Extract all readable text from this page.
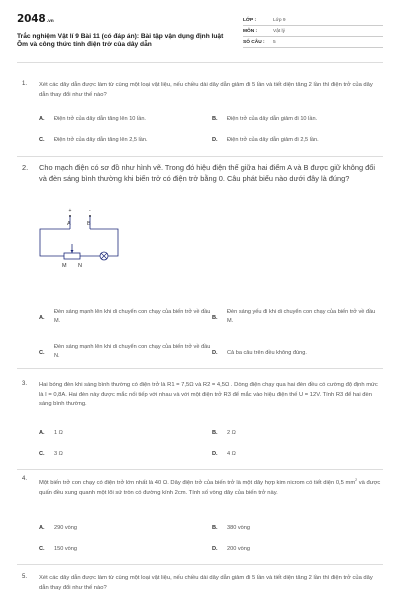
2048.vn
Trắc nghiệm Vật lí 9 Bài 11 (có đáp án): Bài tập vận dụng định luật Ôm và công thức tính điện trở của dây dẫn
LỚP :	Lớp 9
MÔN :	Vật lý
SỐ CÂU : 5
1. Xét các dây dẫn được làm từ cùng một loại vật liệu, nếu chiều dài dây dẫn giảm đi 5 lần và tiết diện tăng 2 lần thì điện trở của dây dẫn thay đổi như thế nào?
A. Điện trở của dây dẫn tăng lên 10 lần.	B. Điện trở của dây dẫn giảm đi 10 lần.
C. Điện trở của dây dẫn tăng lên 2,5 lần.	D. Điện trở của dây dẫn giảm đi 2,5 lần.
2. Cho mạch điện có sơ đồ như hình vẽ. Trong đó hiệu điện thế giữa hai điểm A và B được giữ không đổi và đèn sáng bình thường khi biến trở có điện trở bằng 0. Câu phát biểu nào dưới đây là đúng?
A.
Đèn sáng mạnh lên khi di chuyển con chạy của biến trở về đầu M.	B.
Đèn sáng yếu đi khi di chuyển con chạy của biến trở về đầu M.
C.
Đèn sáng mạnh lên khi di chuyển con chạy của biến trở về đầu N.	D. Cả ba câu trên đều không đúng.
+	-
A	B
M N
3. Hai bóng đèn khi sáng bình thường có điện trở là R1 = 7,5Ω và R2 = 4,5Ω . Dòng điện chạy qua hai đèn đều có cường độ định mức là I = 0,8A. Hai đèn này được mắc nối tiếp với nhau và với một điện trở R3 để mắc vào hiệu điện thế U = 12V. Tính R3 để hai đèn sáng bình thường.
A. 1 Ω	B. 2 Ω
C. 3 Ω	D. 4 Ω
4.
Một biến trở con chạy có điện trở lớn nhất là 40 Ω. Dây điện trở của biến trở là một dây hợp kim nicrom có tiết diện 0,5 $mm^2$ và được quấn đều xung quanh một lõi sứ tròn có đường kính 2cm. Tính số vòng dây của biến trở này.
A. 290 vòng	B. 380 vòng
C. 150 vòng	D. 200 vòng
5. Xét các dây dẫn được làm từ cùng một loại vật liệu, nếu chiều dài dây dẫn giảm đi 5 lần và tiết diện tăng 2 lần thì điện trở của dây dẫn thay đổi như thế nào?
